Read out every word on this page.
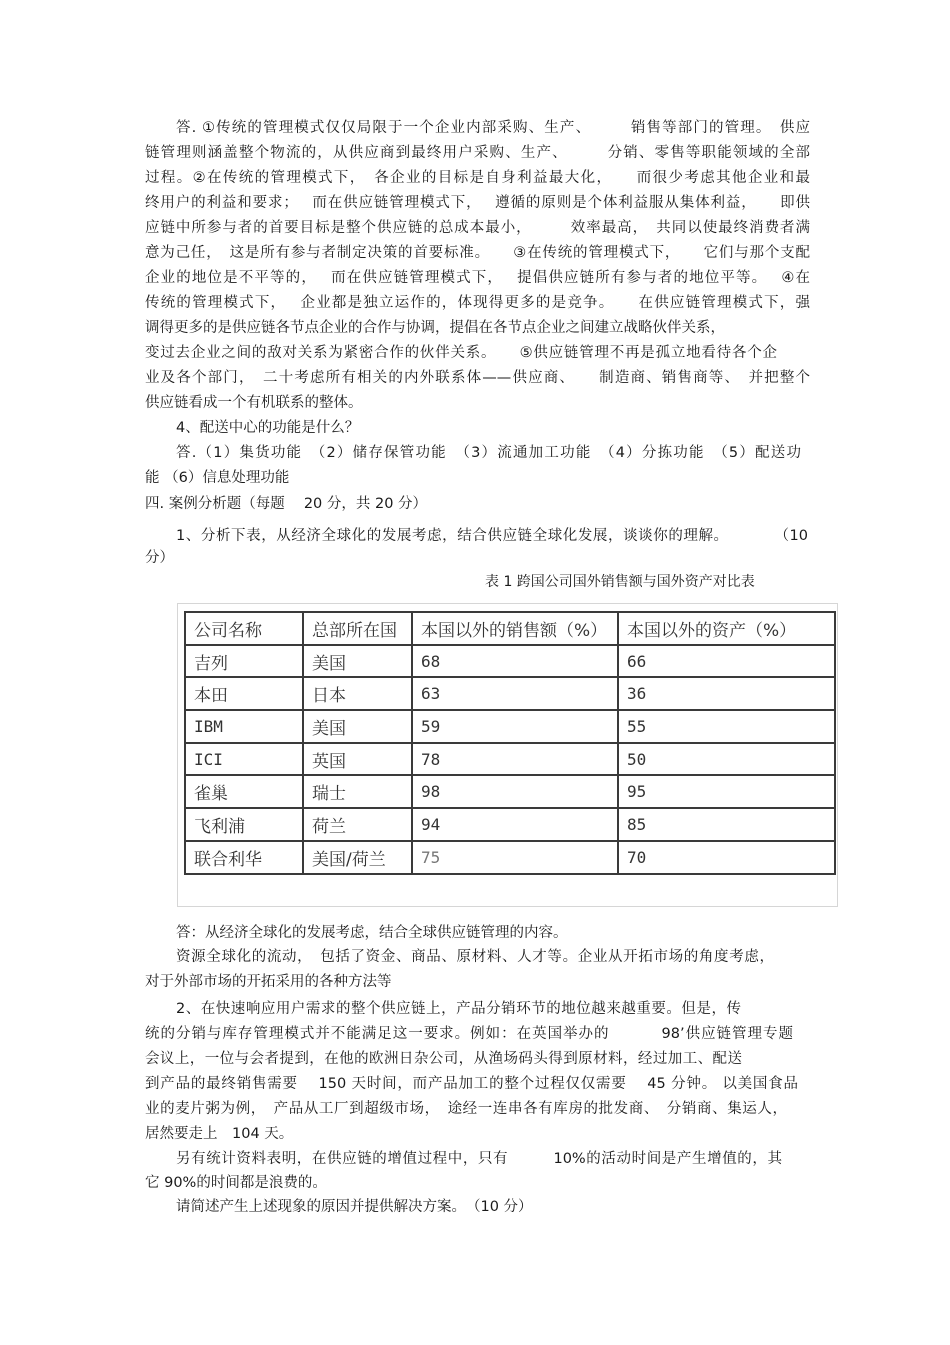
答. ①传统的管理模式仅仅局限于一个企业内部采购、生产、　　　销售等部门的管理。　供应
链管理则涵盖整个物流的，从供应商到最终用户采购、生产、　　　分销、零售等职能领域的全部
过程。②在传统的管理模式下，　各企业的目标是自身利益最大化，　　而很少考虑其他企业和最
终用户的利益和要求；　 而在供应链管理模式下，　 遵循的原则是个体利益服从集体利益，　　即供
应链中所参与者的首要目标是整个供应链的总成本最小，　　　效率最高，　共同以使最终消费者满
意为己任，　这是所有参与者制定决策的首要标准。　　③在传统的管理模式下，　　它们与那个支配
企业的地位是不平等的，　 而在供应链管理模式下，　 提倡供应链所有参与者的地位平等。　 ④在
传统的管理模式下，　 企业都是独立运作的，体现得更多的是竞争。　　在供应链管理模式下，强
调得更多的是供应链各节点企业的合作与协调，提倡在各节点企业之间建立战略伙伴关系，
变过去企业之间的敌对关系为紧密合作的伙伴关系。　　⑤供应链管理不再是孤立地看待各个企
业及各个部门，　二十考虑所有相关的内外联系体——供应商、　　制造商、销售商等、　并把整个
供应链看成一个有机联系的整体。
4、配送中心的功能是什么？
答.（1）集货功能　（2）储存保管功能　（3）流通加工功能　（4）分拣功能　（5）配送功
能 （6）信息处理功能
四. 案例分析题（每题　 20 分，共 20 分）
1、分析下表，从经济全球化的发展考虑，结合供应链全球化发展，谈谈你的理解。　　　　（10
分）
表 1 跨国公司国外销售额与国外资产对比表
公司名称	总部所在国	本国以外的销售额（%）	本国以外的资产（%）
吉列	美国	68	66
本田	日本	63	36
IBM	美国	59	55
ICI	英国	78	50
雀巢	瑞士	98	95
飞利浦	荷兰	94	85
联合利华	美国/荷兰	75	70
答：从经济全球化的发展考虑，结合全球供应链管理的内容。
资源全球化的流动，　包括了资金、商品、原材料、人才等。企业从开拓市场的角度考虑，
对于外部市场的开拓采用的各种方法等
2、在快速响应用户需求的整个供应链上，产品分销环节的地位越来越重要。但是，传
统的分销与库存管理模式并不能满足这一要求。例如：在英国举办的　　　 98’供应链管理专题
会议上，一位与会者提到，在他的欧洲日杂公司，从渔场码头得到原材料，经过加工、配送
到产品的最终销售需要　 150 天时间，而产品加工的整个过程仅仅需要　 45 分钟。 以美国食品
业的麦片粥为例，　产品从工厂到超级市场，　途经一连串各有库房的批发商、　分销商、集运人，
居然要走上　104 天。
另有统计资料表明，在供应链的增值过程中，只有　　　10%的活动时间是产生增值的，其
它 90%的时间都是浪费的。
请简述产生上述现象的原因并提供解决方案。　（10 分）
